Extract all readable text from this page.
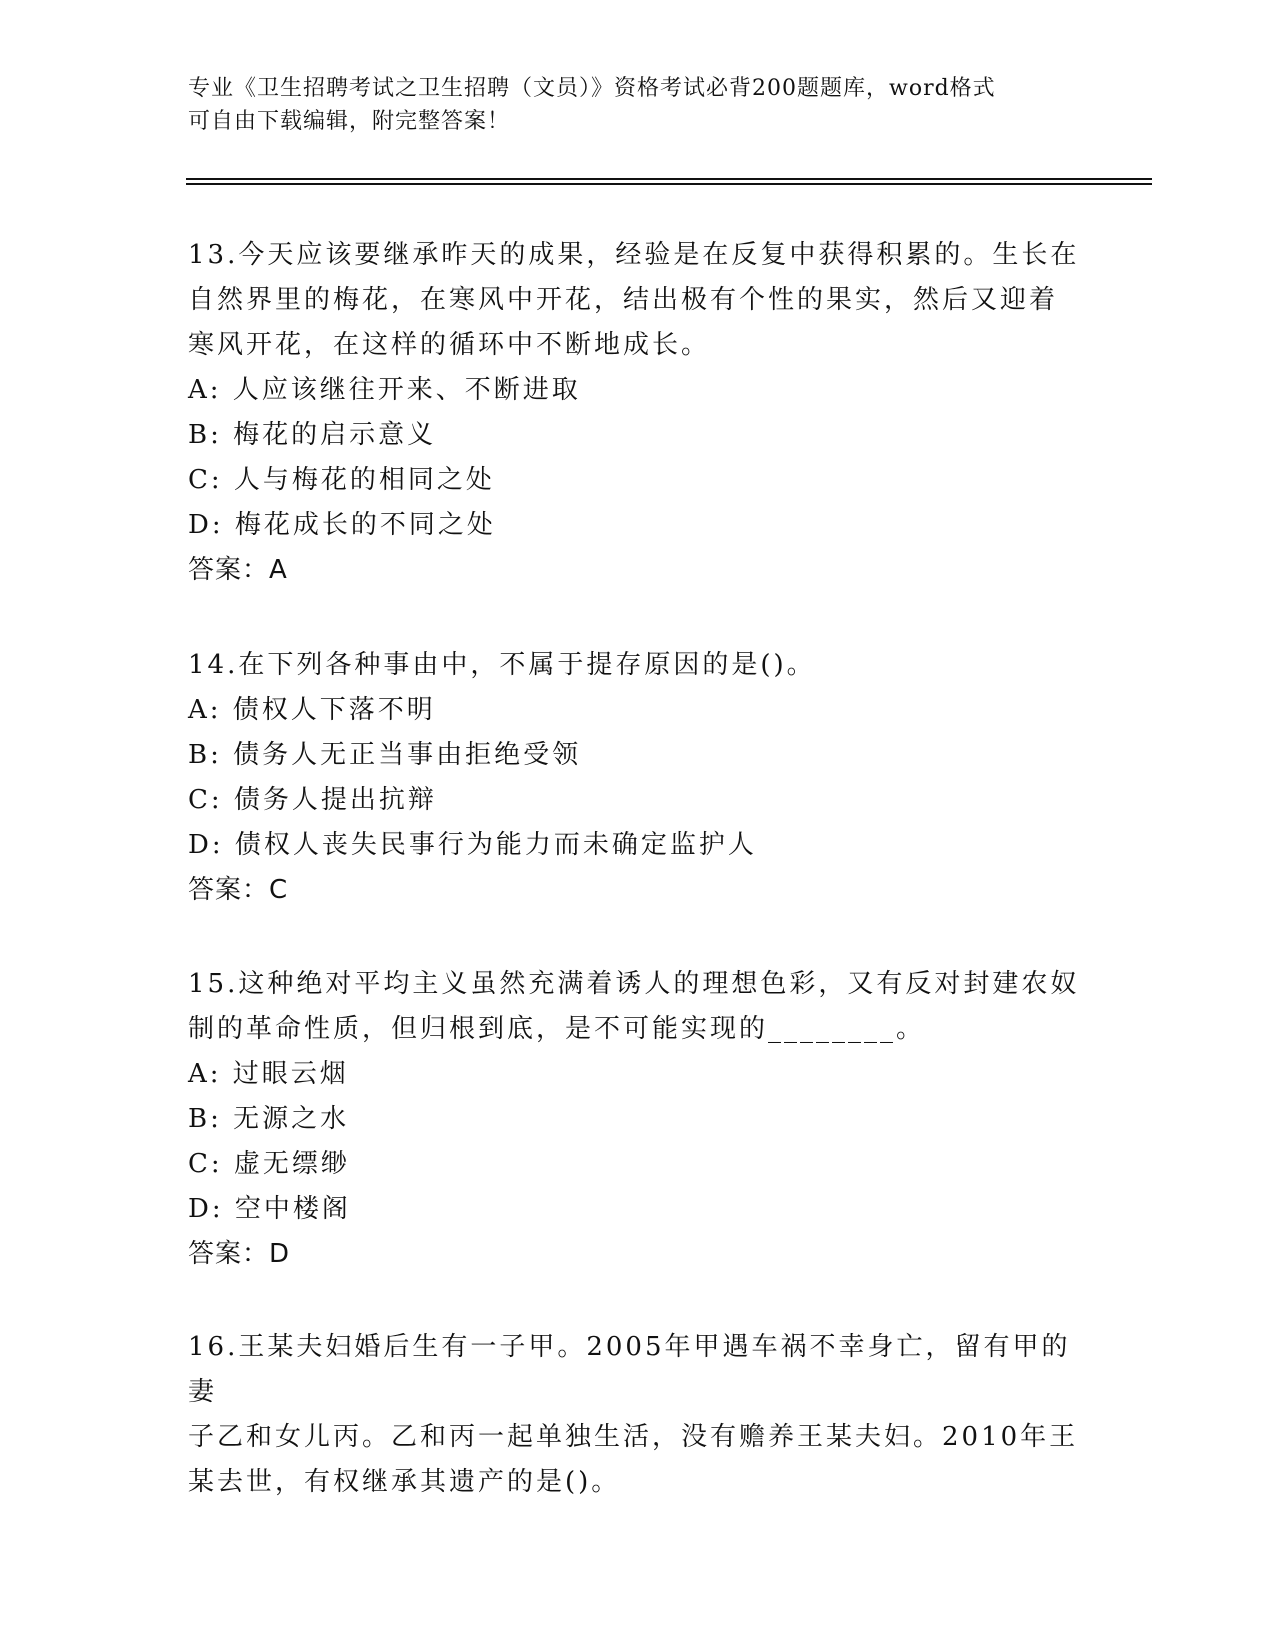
专业《卫生招聘考试之卫生招聘（文员）》资格考试必背200题题库，word格式
可自由下载编辑，附完整答案！

13.今天应该要继承昨天的成果，经验是在反复中获得积累的。生长在

自然界里的梅花，在寒风中开花，结出极有个性的果实，然后又迎着

寒风开花，在这样的循环中不断地成长。

A: 人应该继往开来、不断进取

B: 梅花的启示意义

C: 人与梅花的相同之处

D: 梅花成长的不同之处

答案：A

14.在下列各种事由中，不属于提存原因的是()。

A: 债权人下落不明

B: 债务人无正当事由拒绝受领

C: 债务人提出抗辩

D: 债权人丧失民事行为能力而未确定监护人

答案：C

15.这种绝对平均主义虽然充满着诱人的理想色彩，又有反对封建农奴

制的革命性质，但归根到底，是不可能实现的________。

A: 过眼云烟

B: 无源之水

C: 虚无缥缈

D: 空中楼阁

答案：D

16.王某夫妇婚后生有一子甲。2005年甲遇车祸不幸身亡，留有甲的妻

子乙和女儿丙。乙和丙一起单独生活，没有赡养王某夫妇。2010年王

某去世，有权继承其遗产的是()。
